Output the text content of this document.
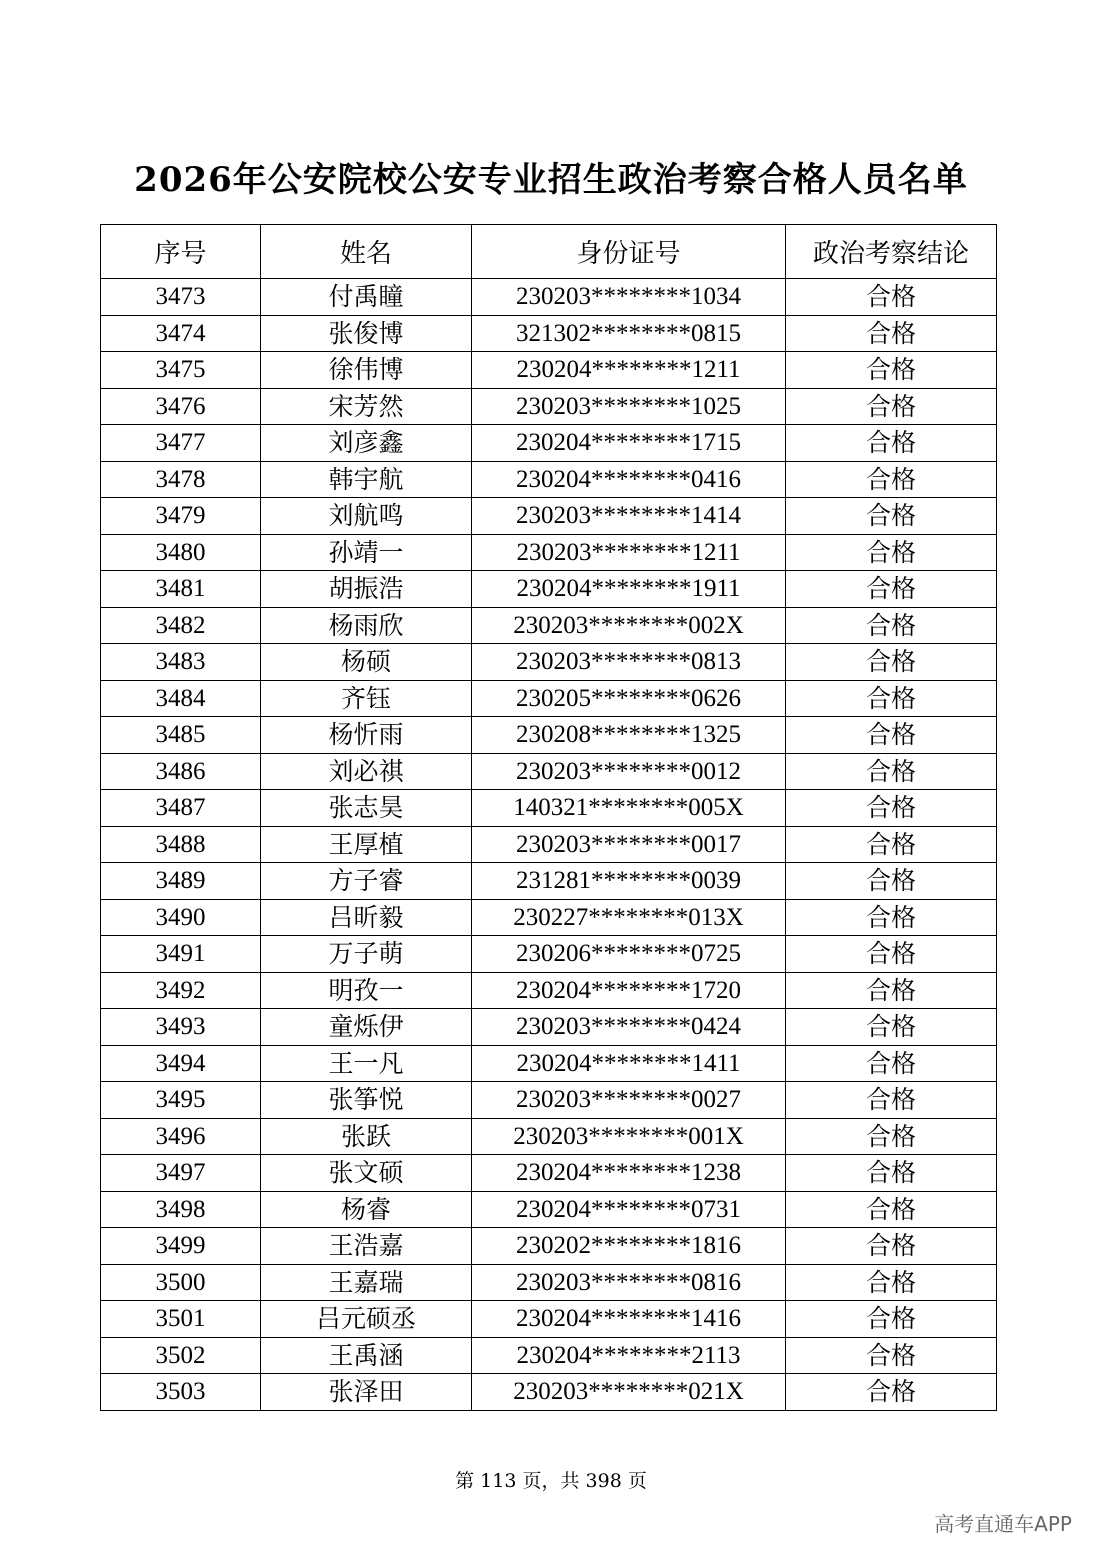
2026年公安院校公安专业招生政治考察合格人员名单
序号	姓名	身份证号	政治考察结论
3473	付禹瞳	230203********1034	合格
3474	张俊博	321302********0815	合格
3475	徐伟博	230204********1211	合格
3476	宋芳然	230203********1025	合格
3477	刘彦鑫	230204********1715	合格
3478	韩宇航	230204********0416	合格
3479	刘航鸣	230203********1414	合格
3480	孙靖一	230203********1211	合格
3481	胡振浩	230204********1911	合格
3482	杨雨欣	230203********002X	合格
3483	杨硕	230203********0813	合格
3484	齐钰	230205********0626	合格
3485	杨忻雨	230208********1325	合格
3486	刘必祺	230203********0012	合格
3487	张志昊	140321********005X	合格
3488	王厚植	230203********0017	合格
3489	方子睿	231281********0039	合格
3490	吕昕毅	230227********013X	合格
3491	万子萌	230206********0725	合格
3492	明孜一	230204********1720	合格
3493	童烁伊	230203********0424	合格
3494	王一凡	230204********1411	合格
3495	张筝悦	230203********0027	合格
3496	张跃	230203********001X	合格
3497	张文硕	230204********1238	合格
3498	杨睿	230204********0731	合格
3499	王浩嘉	230202********1816	合格
3500	王嘉瑞	230203********0816	合格
3501	吕元硕丞	230204********1416	合格
3502	王禹涵	230204********2113	合格
3503	张泽田	230203********021X	合格
第 113 页，共 398 页
高考直通车APP
